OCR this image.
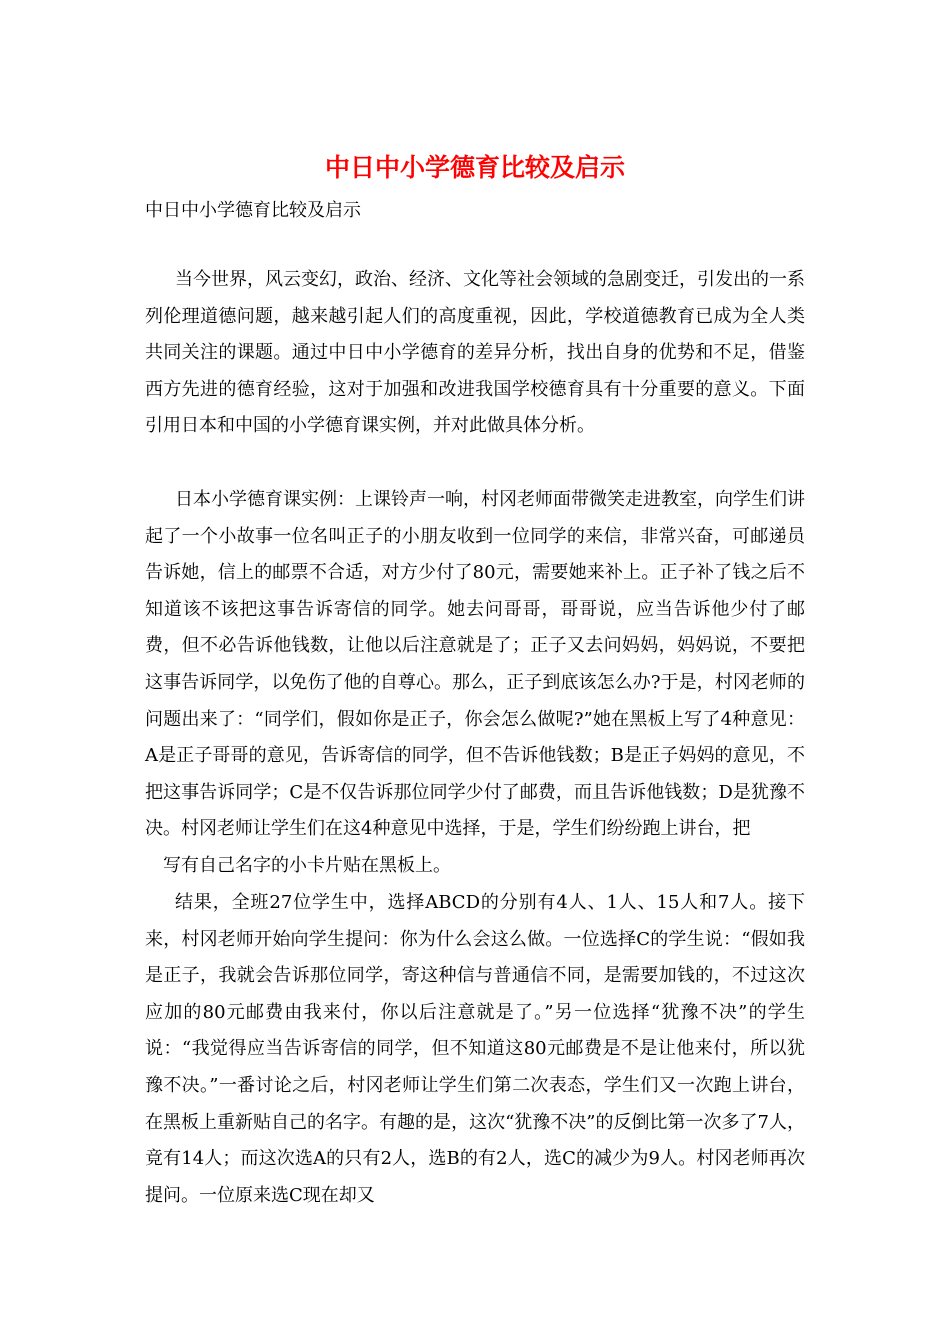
中日中小学德育比较及启示

中日中小学德育比较及启示

当今世界，风云变幻，政治、经济、文化等社会领域的急剧变迁，引发出的一系列伦理道德问题，越来越引起人们的高度重视，因此，学校道德教育已成为全人类共同关注的课题。通过中日中小学德育的差异分析，找出自身的优势和不足，借鉴西方先进的德育经验，这对于加强和改进我国学校德育具有十分重要的意义。下面引用日本和中国的小学德育课实例，并对此做具体分析。

日本小学德育课实例：上课铃声一响，村冈老师面带微笑走进教室，向学生们讲起了一个小故事一位名叫正子的小朋友收到一位同学的来信，非常兴奋，可邮递员告诉她，信上的邮票不合适，对方少付了80元，需要她来补上。正子补了钱之后不知道该不该把这事告诉寄信的同学。她去问哥哥，哥哥说，应当告诉他少付了邮费，但不必告诉他钱数，让他以后注意就是了；正子又去问妈妈，妈妈说，不要把这事告诉同学，以免伤了他的自尊心。那么，正子到底该怎么办?于是，村冈老师的问题出来了：“同学们，假如你是正子，你会怎么做呢?”她在黑板上写了4种意见：A是正子哥哥的意见，告诉寄信的同学，但不告诉他钱数；B是正子妈妈的意见，不把这事告诉同学；C是不仅告诉那位同学少付了邮费，而且告诉他钱数；D是犹豫不决。村冈老师让学生们在这4种意见中选择，于是，学生们纷纷跑上讲台，把

写有自己名字的小卡片贴在黑板上。

结果，全班27位学生中，选择ABCD的分别有4人、1人、15人和7人。接下来，村冈老师开始向学生提问：你为什么会这么做。一位选择C的学生说：“假如我是正子，我就会告诉那位同学，寄这种信与普通信不同，是需要加钱的，不过这次应加的80元邮费由我来付，你以后注意就是了。”另一位选择“犹豫不决”的学生说：“我觉得应当告诉寄信的同学，但不知道这80元邮费是不是让他来付，所以犹豫不决。”一番讨论之后，村冈老师让学生们第二次表态，学生们又一次跑上讲台，在黑板上重新贴自己的名字。有趣的是，这次“犹豫不决”的反倒比第一次多了7人，竟有14人；而这次选A的只有2人，选B的有2人，选C的减少为9人。村冈老师再次提问。一位原来选C现在却又
